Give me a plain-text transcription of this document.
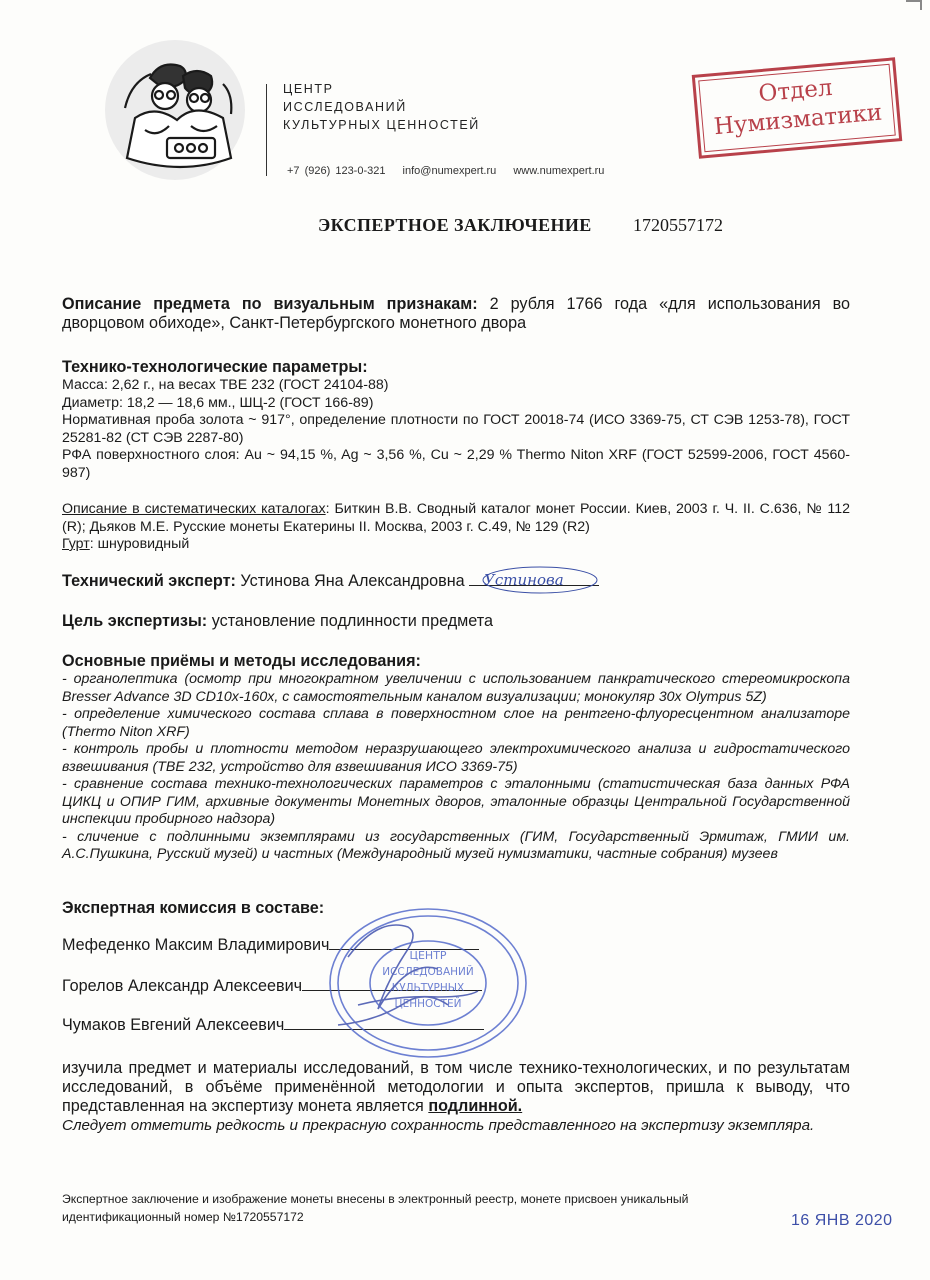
ЦЕНТР
ИССЛЕДОВАНИЙ
КУЛЬТУРНЫХ ЦЕННОСТЕЙ
+7 (926) 123-0-321 info@numexpert.ru www.numexpert.ru
Отдел
Нумизматики
ЭКСПЕРТНОЕ ЗАКЛЮЧЕНИЕ 1720557172
Описание предмета по визуальным признакам: 2 рубля 1766 года «для использования во дворцовом обиходе», Санкт-Петербургского монетного двора
Технико-технологические параметры:
Масса: 2,62 г., на весах ТВЕ 232 (ГОСТ 24104-88)
Диаметр: 18,2 — 18,6 мм., ШЦ-2 (ГОСТ 166-89)
Нормативная проба золота ~ 917°, определение плотности по ГОСТ 20018-74 (ИСО 3369-75, СТ СЭВ 1253-78), ГОСТ 25281-82 (СТ СЭВ 2287-80)
РФА поверхностного слоя: Au ~ 94,15 %, Ag ~ 3,56 %, Cu ~ 2,29 % Thermo Niton XRF (ГОСТ 52599-2006, ГОСТ 4560-987)
Описание в систематических каталогах: Биткин В.В. Сводный каталог монет России. Киев, 2003 г. Ч. II. С.636, № 112 (R); Дьяков М.Е. Русские монеты Екатерины II. Москва, 2003 г. С.49, № 129 (R2)
Гурт: шнуровидный
Технический эксперт: Устинова Яна Александровна	Устинова
Цель экспертизы: установление подлинности предмета
Основные приёмы и методы исследования:
- органолептика (осмотр при многократном увеличении с использованием панкратического стереомикроскопа Bresser Advance 3D CD10x-160x, с самостоятельным каналом визуализации; монокуляр 30x Olympus 5Z)
- определение химического состава сплава в поверхностном слое на рентгено-флуоресцентном анализаторе (Thermo Niton XRF)
- контроль пробы и плотности методом неразрушающего электрохимического анализа и гидростатического взвешивания (ТВЕ 232, устройство для взвешивания ИСО 3369-75)
- сравнение состава технико-технологических параметров с эталонными (статистическая база данных РФА ЦИКЦ и ОПИР ГИМ, архивные документы Монетных дворов, эталонные образцы Центральной Государственной инспекции пробирного надзора)
- сличение с подлинными экземплярами из государственных (ГИМ, Государственный Эрмитаж, ГМИИ им. А.С.Пушкина, Русский музей) и частных (Международный музей нумизматики, частные собрания) музеев
Экспертная комиссия в составе:
Мефеденко Максим Владимирович
Горелов Александр Алексеевич
Чумаков Евгений Алексеевич
ЦЕНТР
ИССЛЕДОВАНИЙ
КУЛЬТУРНЫХ
ЦЕННОСТЕЙ
изучила предмет и материалы исследований, в том числе технико-технологических, и по результатам исследований, в объёме применённой методологии и опыта экспертов, пришла к выводу, что представленная на экспертизу монета является подлинной.
Следует отметить редкость и прекрасную сохранность представленного на экспертизу экземпляра.
Экспертное заключение и изображение монеты внесены в электронный реестр, монете присвоен уникальный
идентификационный номер №1720557172	16 ЯНВ 2020
